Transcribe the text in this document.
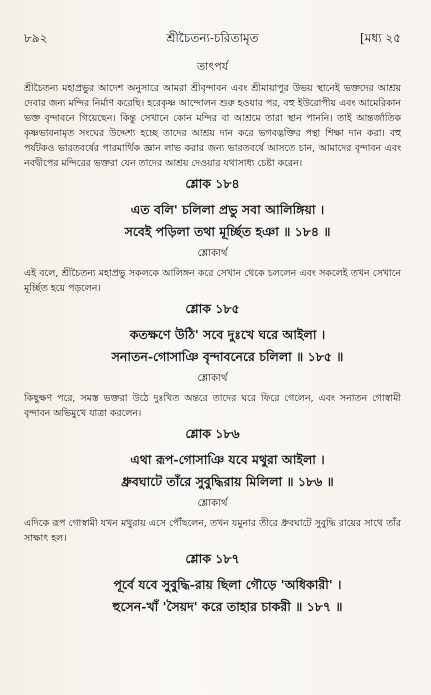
৮৯২	শ্রীচৈতন্য-চরিতামৃত	[মধ্য ২৫
তাৎপর্য
শ্রীচৈতন্য মহাপ্রভুর আদেশ অনুসারে আমরা শ্রীবৃন্দাবন এবং শ্রীমায়াপুর উভয় স্থানেই ভক্তদের আশ্রয় দেবার জন্য মন্দির নির্মাণ করেছি। হরেকৃষ্ণ আন্দোলন শুরু হওয়ার পর, বহু ইউরোপীয় এবং আমেরিকান ভক্ত বৃন্দাবনে গিয়েছেন। কিন্তু সেখানে কোন মন্দির বা আশ্রমে তারা স্থান পাননি। তাই আন্তর্জাতিক কৃষ্ণভাবনামৃত সংঘের উদ্দেশ্য হচ্ছে তাদের আশ্রয় দান করে ভগবদ্ভক্তির পন্থা শিক্ষা দান করা। বহু পর্যটকও ভারতবর্ষের পারমার্থিক জ্ঞান লাভ করার জন্য ভারতবর্ষে আসতে চান, আমাদের বৃন্দাবন এবং নবদ্বীপের মন্দিরের ভক্তরা যেন তাদের আশ্রয় দেওয়ার যথাসাধ্য চেষ্টা করেন।
শ্লোক ১৮৪
এত বলি' চলিলা প্রভু সবা আলিঙ্গিয়া ।
সবেই পড়িলা তথা মূর্চ্ছিত হঞা ॥ ১৮৪ ॥
শ্লোকার্থ
এই বলে, শ্রীচৈতন্য মহাপ্রভু সকলকে আলিঙ্গন করে সেখান থেকে চললেন এবং সকলেই তখন সেখানে মূর্চ্ছিত হয়ে পড়লেন।
শ্লোক ১৮৫
কতক্ষণে উঠি' সবে দুঃখে ঘরে আইলা ।
সনাতন-গোসাঞি বৃন্দাবনেরে চলিলা ॥ ১৮৫ ॥
শ্লোকার্থ
কিছুক্ষণ পরে, সমস্ত ভক্তরা উঠে দুঃখিত অন্তরে তাদের ঘরে ফিরে গেলেন, এবং সনাতন গোস্বামী বৃন্দাবন অভিমুখে যাত্রা করলেন।
শ্লোক ১৮৬
এথা রূপ-গোসাঞি যবে মথুরা আইলা ।
ধ্রুবঘাটে তাঁরে সুবুদ্ধিরায় মিলিলা ॥ ১৮৬ ॥
শ্লোকার্থ
এদিকে রূপ গোস্বামী যখন মথুরায় এসে পৌঁছলেন, তখন যমুনার তীরে ধ্রুবঘাটে সুবুদ্ধি রায়ের সাথে তাঁর সাক্ষাৎ হল।
শ্লোক ১৮৭
পূর্বে যবে সুবুদ্ধি-রায় ছিলা গৌড়ে 'অধিকারী' ।
হুসেন-খাঁ 'সৈয়দ' করে তাহার চাকরী ॥ ১৮৭ ॥
